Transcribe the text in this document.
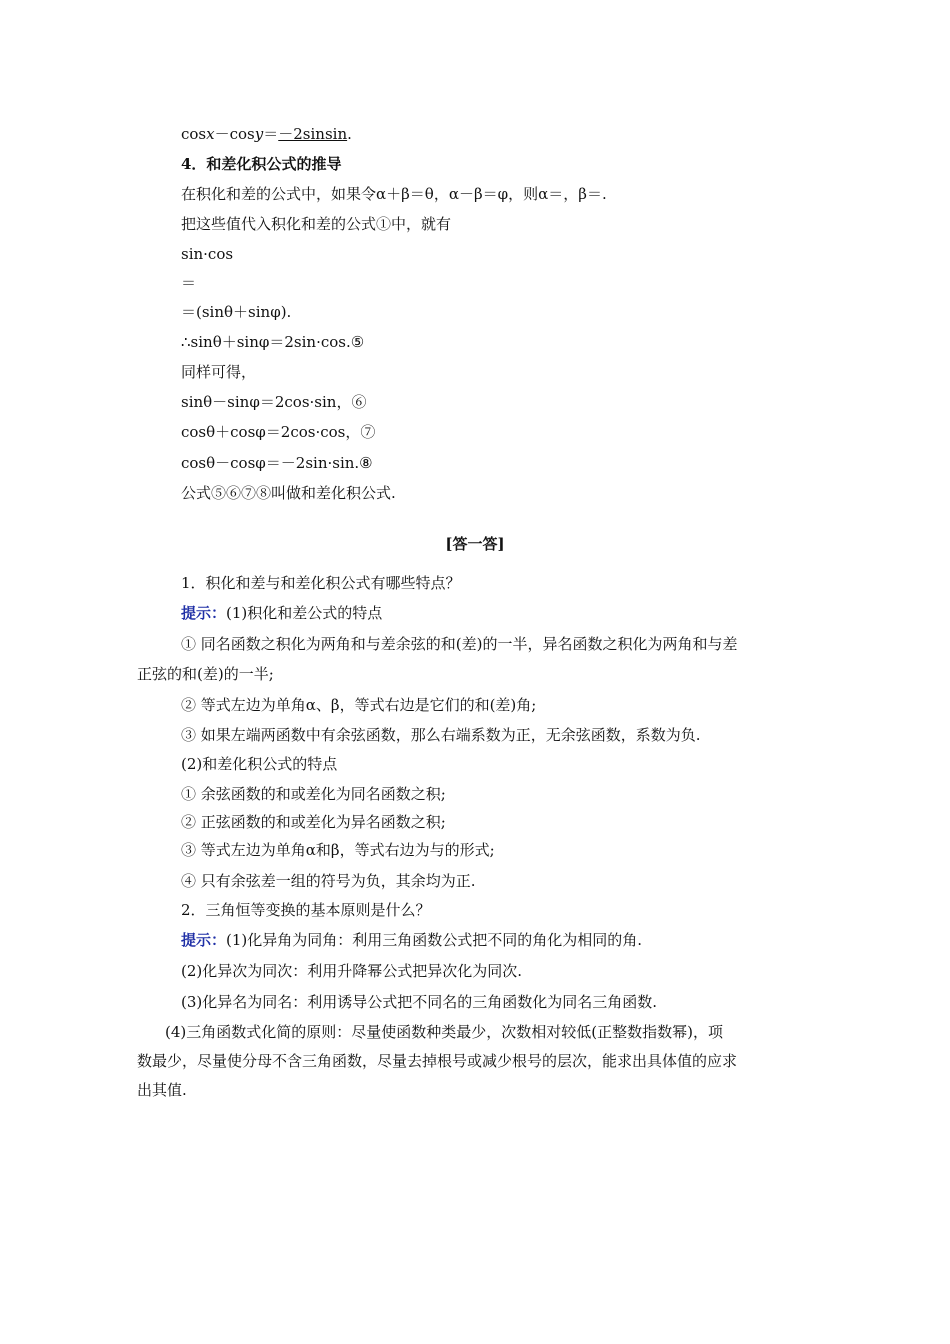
cosx－cosy＝－2sinsin.
4．和差化积公式的推导
在积化和差的公式中，如果令α＋β＝θ，α－β＝φ，则α＝，β＝.
把这些值代入积化和差的公式①中，就有
sin·cos
＝
＝(sinθ＋sinφ).
∴sinθ＋sinφ＝2sin·cos.⑤
同样可得，
sinθ－sinφ＝2cos·sin，⑥
cosθ＋cosφ＝2cos·cos，⑦
cosθ－cosφ＝－2sin·sin.⑧
公式⑤⑥⑦⑧叫做和差化积公式.
[答一答]
1．积化和差与和差化积公式有哪些特点？
提示：(1)积化和差公式的特点
① 同名函数之积化为两角和与差余弦的和(差)的一半，异名函数之积化为两角和与差
正弦的和(差)的一半;
② 等式左边为单角α、β，等式右边是它们的和(差)角;
③ 如果左端两函数中有余弦函数，那么右端系数为正，无余弦函数，系数为负.
(2)和差化积公式的特点
① 余弦函数的和或差化为同名函数之积;
② 正弦函数的和或差化为异名函数之积;
③ 等式左边为单角α和β，等式右边为与的形式;
④ 只有余弦差一组的符号为负，其余均为正.
2．三角恒等变换的基本原则是什么？
提示：(1)化异角为同角：利用三角函数公式把不同的角化为相同的角.
(2)化异次为同次：利用升降幂公式把异次化为同次.
(3)化异名为同名：利用诱导公式把不同名的三角函数化为同名三角函数.
(4)三角函数式化简的原则：尽量使函数种类最少，次数相对较低(正整数指数幂)，项
数最少，尽量使分母不含三角函数，尽量去掉根号或减少根号的层次，能求出具体值的应求
出其值.
